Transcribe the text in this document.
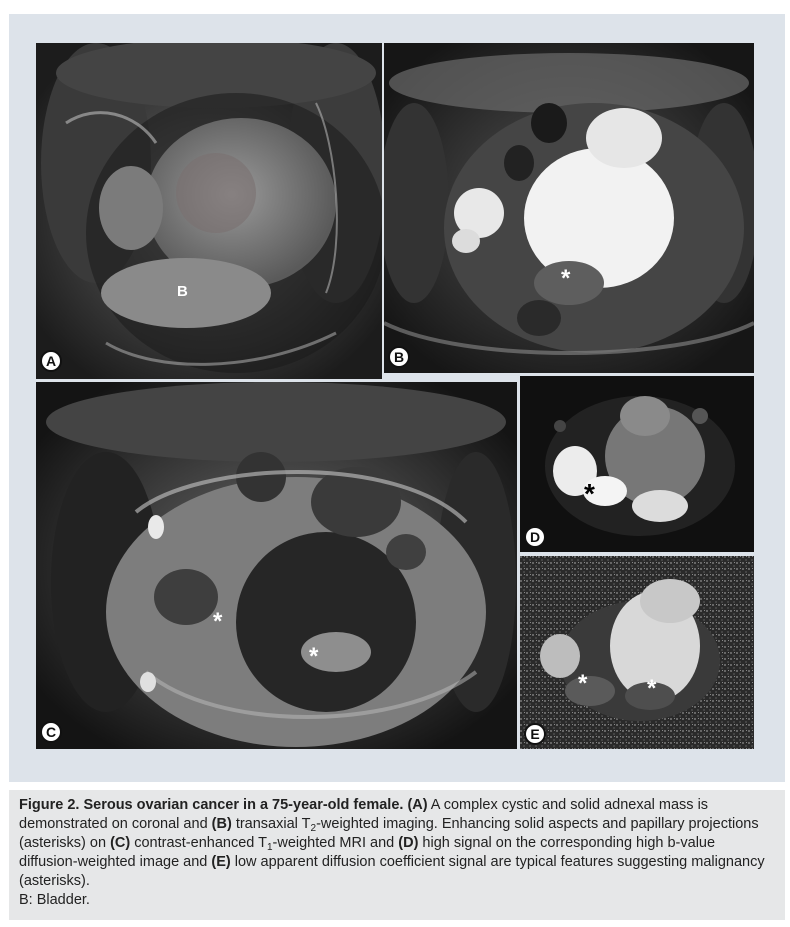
B
A
*
B
*
*
C
*
D
* *
E
Figure 2. Serous ovarian cancer in a 75-year-old female. (A) A complex cystic and solid adnexal mass is demonstrated on coronal and (B) transaxial $T_2$-weighted imaging. Enhancing solid aspects and papillary projections (asterisks) on (C) contrast-enhanced $T_1$-weighted MRI and (D) high signal on the corresponding high b-value diffusion-weighted image and (E) low apparent diffusion coefficient signal are typical features suggesting malignancy (asterisks).
B: Bladder.
